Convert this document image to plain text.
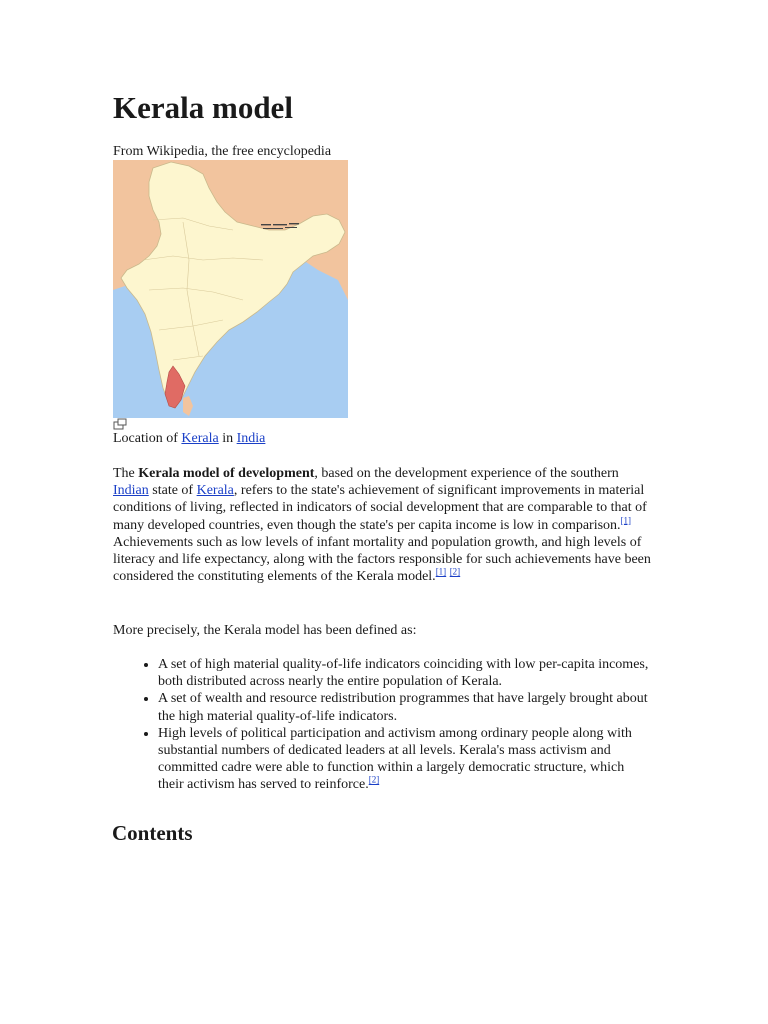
Kerala model
From Wikipedia, the free encyclopedia
Location of Kerala in India

The Kerala model of development, based on the development experience of the southern Indian state of Kerala, refers to the state's achievement of significant improvements in material conditions of living, reflected in indicators of social development that are comparable to that of many developed countries, even though the state's per capita income is low in comparison.[1] Achievements such as low levels of infant mortality and population growth, and high levels of literacy and life expectancy, along with the factors responsible for such achievements have been considered the constituting elements of the Kerala model.[1] [2]

More precisely, the Kerala model has been defined as:
• A set of high material quality-of-life indicators coinciding with low per-capita incomes, both distributed across nearly the entire population of Kerala.
• A set of wealth and resource redistribution programmes that have largely brought about the high material quality-of-life indicators.
• High levels of political participation and activism among ordinary people along with substantial numbers of dedicated leaders at all levels. Kerala's mass activism and committed cadre were able to function within a largely democratic structure, which their activism has served to reinforce.[2]
Contents
